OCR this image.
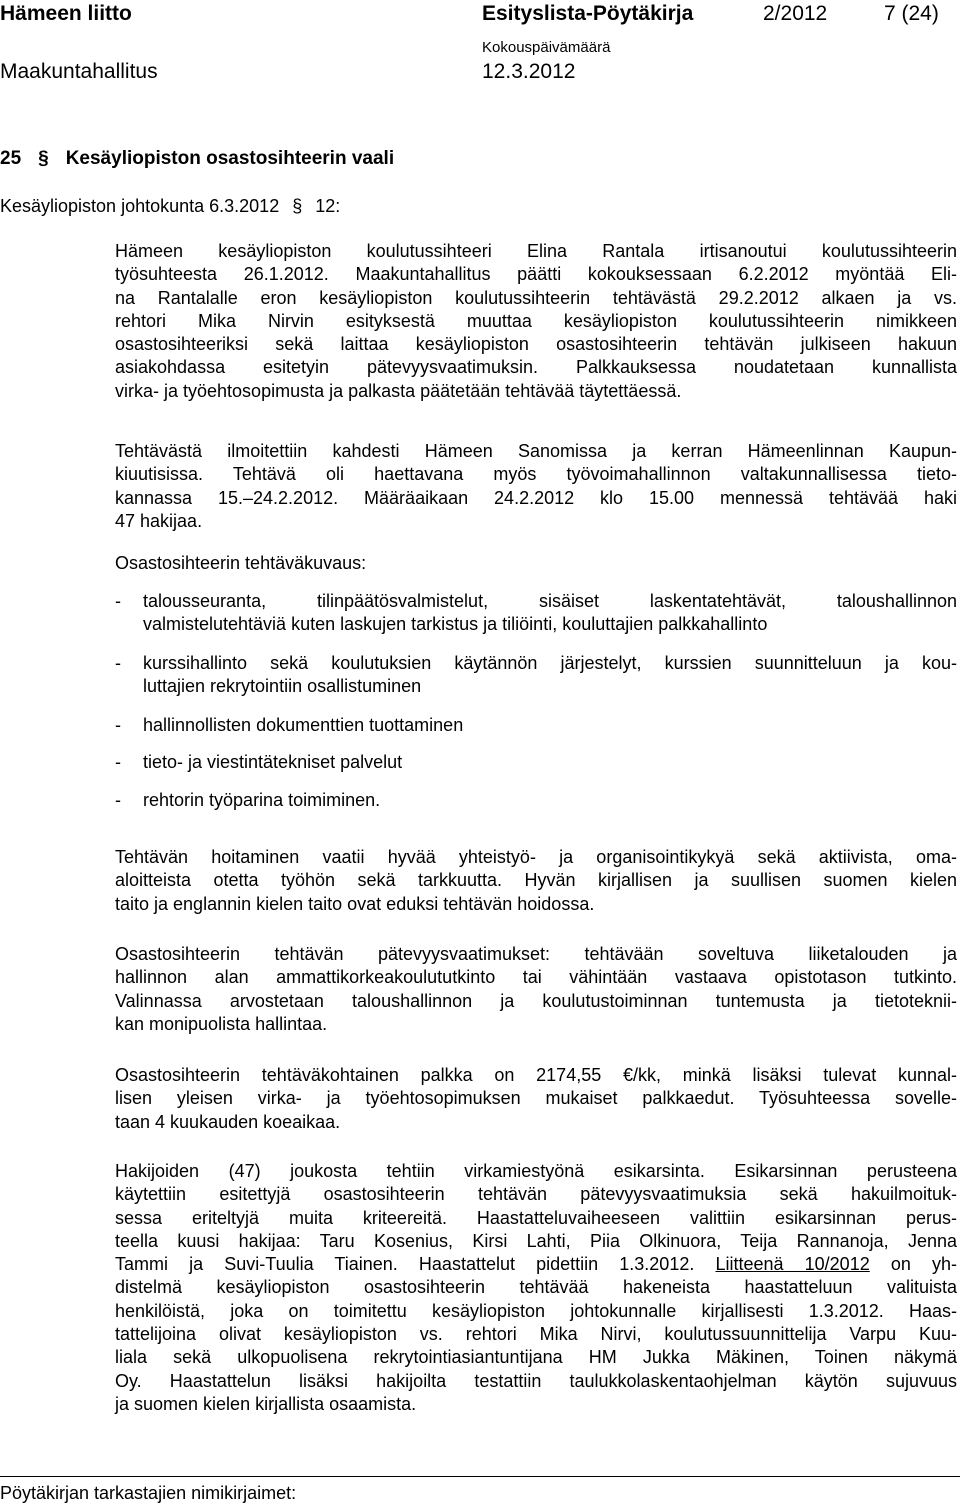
Hämeen liitto	Esityslista-Pöytäkirja	2/2012	7 (24)
Kokouspäivämäärä
Maakuntahallitus	12.3.2012
25 § Kesäyliopiston osastosihteerin vaali
Kesäyliopiston johtokunta 6.3.2012 § 12:
Hämeen kesäyliopiston koulutussihteeri Elina Rantala irtisanoutui koulutussihteerin
työsuhteesta 26.1.2012. Maakuntahallitus päätti kokouksessaan 6.2.2012 myöntää Eli-
na Rantalalle eron kesäyliopiston koulutussihteerin tehtävästä 29.2.2012 alkaen ja vs.
rehtori Mika Nirvin esityksestä muuttaa kesäyliopiston koulutussihteerin nimikkeen
osastosihteeriksi sekä laittaa kesäyliopiston osastosihteerin tehtävän julkiseen hakuun
asiakohdassa esitetyin pätevyysvaatimuksin. Palkkauksessa noudatetaan kunnallista
virka- ja työehtosopimusta ja palkasta päätetään tehtävää täytettäessä.
Tehtävästä ilmoitettiin kahdesti Hämeen Sanomissa ja kerran Hämeenlinnan Kaupun-
kiuutisissa. Tehtävä oli haettavana myös työvoimahallinnon valtakunnallisessa tieto-
kannassa 15.–24.2.2012. Määräaikaan 24.2.2012 klo 15.00 mennessä tehtävää haki
47 hakijaa.
Osastosihteerin tehtäväkuvaus:
- talousseuranta, tilinpäätösvalmistelut, sisäiset laskentatehtävät, taloushallinnon
valmistelutehtäviä kuten laskujen tarkistus ja tiliöinti, kouluttajien palkkahallinto
- kurssihallinto sekä koulutuksien käytännön järjestelyt, kurssien suunnitteluun ja kou-
luttajien rekrytointiin osallistuminen
- hallinnollisten dokumenttien tuottaminen
- tieto- ja viestintätekniset palvelut
- rehtorin työparina toimiminen.
Tehtävän hoitaminen vaatii hyvää yhteistyö- ja organisointikykyä sekä aktiivista, oma-
aloitteista otetta työhön sekä tarkkuutta. Hyvän kirjallisen ja suullisen suomen kielen
taito ja englannin kielen taito ovat eduksi tehtävän hoidossa.
Osastosihteerin tehtävän pätevyysvaatimukset: tehtävään soveltuva liiketalouden ja
hallinnon alan ammattikorkeakoulututkinto tai vähintään vastaava opistotason tutkinto.
Valinnassa arvostetaan taloushallinnon ja koulutustoiminnan tuntemusta ja tietoteknii-
kan monipuolista hallintaa.
Osastosihteerin tehtäväkohtainen palkka on 2174,55 €/kk, minkä lisäksi tulevat kunnal-
lisen yleisen virka- ja työehtosopimuksen mukaiset palkkaedut. Työsuhteessa sovelle-
taan 4 kuukauden koeaikaa.
Hakijoiden (47) joukosta tehtiin virkamiestyönä esikarsinta. Esikarsinnan perusteena
käytettiin esitettyjä osastosihteerin tehtävän pätevyysvaatimuksia sekä hakuilmoituk-
sessa eriteltyjä muita kriteereitä. Haastatteluvaiheeseen valittiin esikarsinnan perus-
teella kuusi hakijaa: Taru Kosenius, Kirsi Lahti, Piia Olkinuora, Teija Rannanoja, Jenna
Tammi ja Suvi-Tuulia Tiainen. Haastattelut pidettiin 1.3.2012. Liitteenä 10/2012 on yh-
distelmä kesäyliopiston osastosihteerin tehtävää hakeneista haastatteluun valituista
henkilöistä, joka on toimitettu kesäyliopiston johtokunnalle kirjallisesti 1.3.2012. Haas-
tattelijoina olivat kesäyliopiston vs. rehtori Mika Nirvi, koulutussuunnittelija Varpu Kuu-
liala sekä ulkopuolisena rekrytointiasiantuntijana HM Jukka Mäkinen, Toinen näkymä
Oy. Haastattelun lisäksi hakijoilta testattiin taulukkolaskentaohjelman käytön sujuvuus
ja suomen kielen kirjallista osaamista.
Pöytäkirjan tarkastajien nimikirjaimet:
